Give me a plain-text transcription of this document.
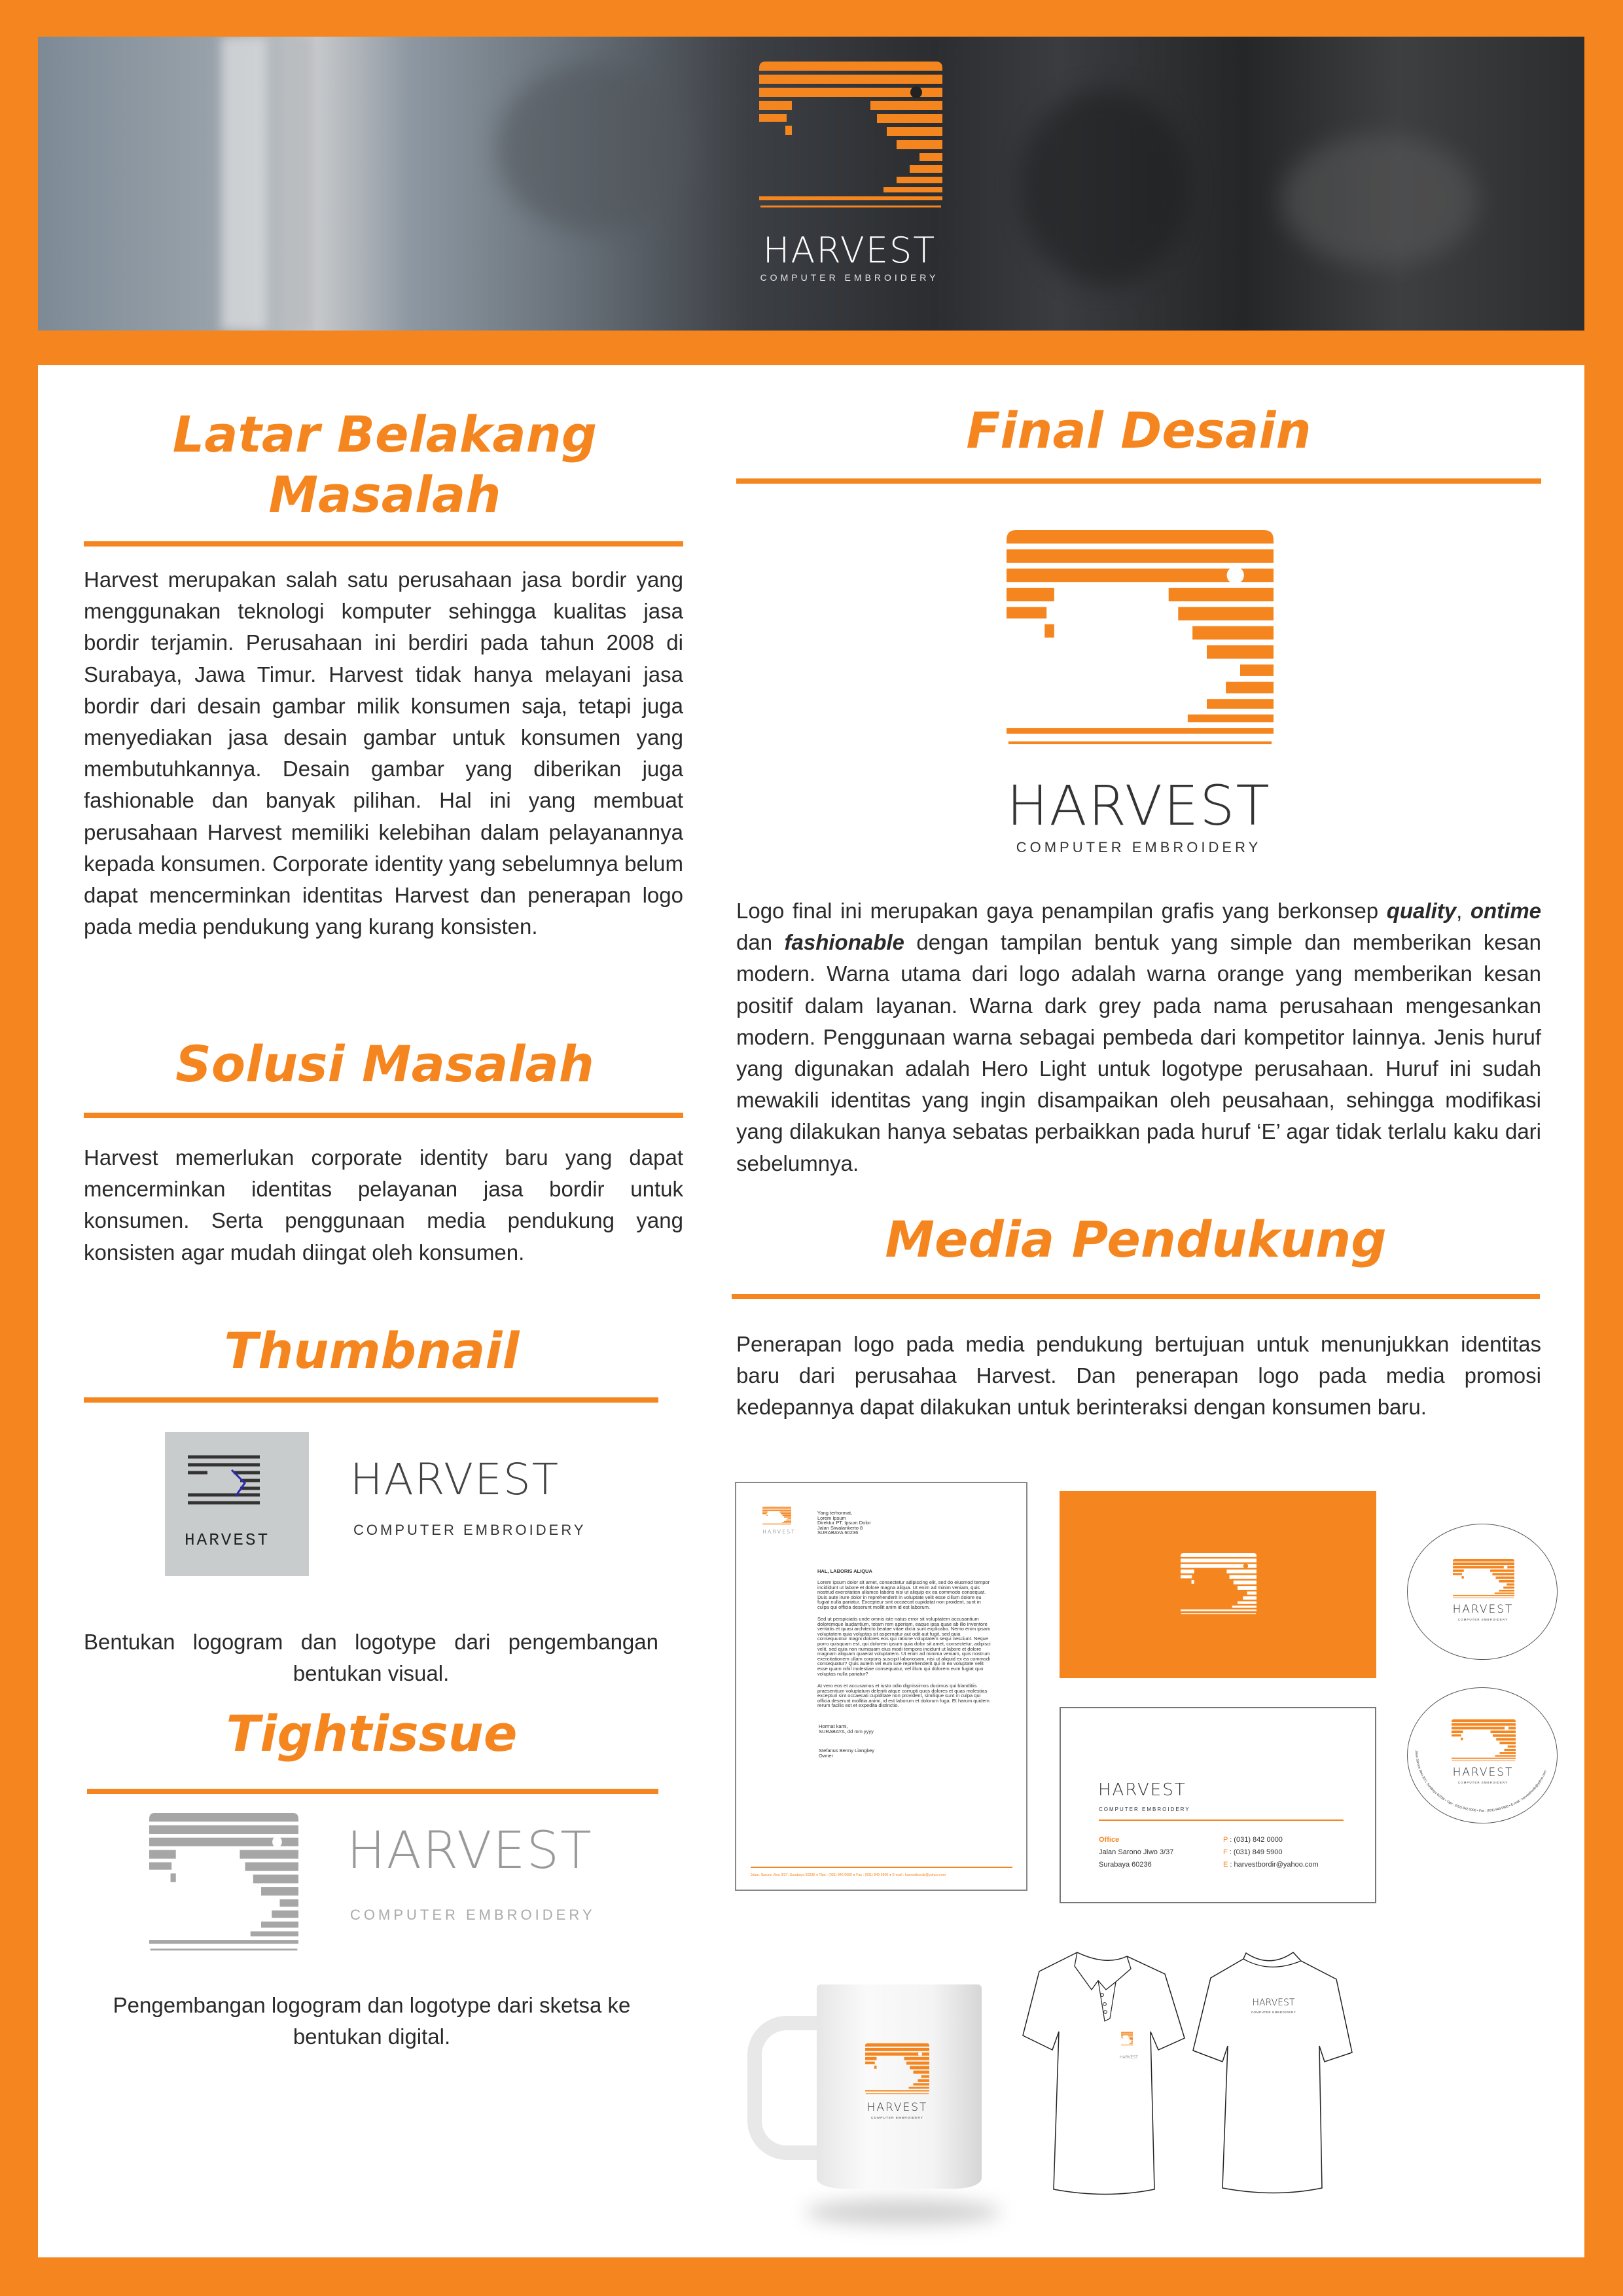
HARVEST
COMPUTER EMBROIDERY
Latar Belakang
Masalah
Harvest merupakan salah satu perusahaan jasa bordir yang menggunakan teknologi komputer sehingga kualitas jasa bordir terjamin. Perusahaan ini berdiri pada tahun 2008 di Surabaya, Jawa Timur. Harvest tidak hanya melayani jasa bordir dari desain gambar milik konsumen saja, tetapi juga menyediakan jasa desain gambar untuk konsumen yang membutuhkannya. Desain gambar yang diberikan juga fashionable dan banyak pilihan. Hal ini yang membuat perusahaan Harvest memiliki kelebihan dalam pelayanannya kepada konsumen. Corporate identity yang sebelumnya belum dapat mencerminkan identitas Harvest dan penerapan logo pada media pendukung yang kurang konsisten.
Solusi Masalah
Harvest memerlukan corporate identity baru yang dapat mencerminkan identitas pelayanan jasa bordir untuk konsumen. Serta penggunaan media pendukung yang konsisten agar mudah diingat oleh konsumen.
Thumbnail
HARVEST
HARVEST
COMPUTER EMBROIDERY
Bentukan logogram dan logotype dari pengembangan bentukan visual.
Tightissue
HARVEST
COMPUTER EMBROIDERY
Pengembangan logogram dan logotype dari sketsa ke bentukan digital.
Final Desain
HARVEST
COMPUTER EMBROIDERY
Logo final ini merupakan gaya penampilan grafis yang berkonsep quality, ontime dan fashionable dengan tampilan bentuk yang simple dan memberikan kesan modern. Warna utama dari logo adalah warna orange yang memberikan kesan positif dalam layanan. Warna dark grey pada nama perusahaan mengesankan modern. Penggunaan warna sebagai pembeda dari kompetitor lainnya. Jenis huruf yang digunakan adalah Hero Light untuk logotype perusahaan. Huruf ini sudah mewakili identitas yang ingin disampaikan oleh peusahaan, sehingga modifikasi yang dilakukan hanya sebatas perbaikkan pada huruf ‘E’ agar tidak terlalu kaku dari sebelumnya.
Media Pendukung
Penerapan logo pada media pendukung bertujuan untuk menunjukkan identitas baru dari perusahaa Harvest. Dan penerapan logo pada media promosi kedepannya dapat dilakukan untuk berinteraksi dengan konsumen baru.
HARVEST
Yang terhormat,
Lorem Ipsum
Direktur PT. Ipsum Dolor
Jalan Siwalankerto 8
SURABAYA 60236
HAL, LABORIS ALIQUA
Lorem ipsum dolor sit amet, consectetur adipiscing elit, sed do eiusmod tempor incididunt ut labore et dolore magna aliqua. Ut enim ad minim veniam, quis nostrud exercitation ullamco laboris nisi ut aliquip ex ea commodo consequat. Duis aute irure dolor in reprehenderit in voluptate velit esse cillum dolore eu fugiat nulla pariatur. Excepteur sint occaecat cupidatat non proident, sunt in culpa qui officia deserunt mollit anim id est laborum.
Sed ut perspiciatis unde omnis iste natus error sit voluptatem accusantium doloremque laudantium, totam rem aperiam, eaque ipsa quae ab illo inventore veritatis et quasi architecto beatae vitae dicta sunt explicabo. Nemo enim ipsam voluptatem quia voluptas sit aspernatur aut odit aut fugit, sed quia consequuntur magni dolores eos qui ratione voluptatem sequi nesciunt. Neque porro quisquam est, qui dolorem ipsum quia dolor sit amet, consectetur, adipisci velit, sed quia non numquam eius modi tempora incidunt ut labore et dolore magnam aliquam quaerat voluptatem. Ut enim ad minima veniam, quis nostrum exercitationem ullam corporis suscipit laboriosam, nisi ut aliquid ex ea commodi consequatur? Quis autem vel eum iure reprehenderit qui in ea voluptate velit esse quam nihil molestiae consequatur, vel illum qui dolorem eum fugiat quo voluptas nulla pariatur?
At vero eos et accusamus et iusto odio dignissimos ducimus qui blanditiis praesentium voluptatum deleniti atque corrupti quos dolores et quas molestias excepturi sint occaecati cupiditate non provident, similique sunt in culpa qui officia deserunt mollitia animi, id est laborum et dolorum fuga. Et harum quidem rerum facilis est et expedita distinctio.
Hormat kami,
SURABAYA, dd mm yyyy
Stefanus Benny Liangkey
Owner
Jalan. Sarono Jiwo 3/37, Surabaya 60236 ● Tlpn : (031) 842 0000 ● Fax : (031) 849 5900 ● E-mail : harvestbordir@yahoo.com
HARVEST
COMPUTER EMBROIDERY
Office
Jalan Sarono Jiwo 3/37
Surabaya 60236
P : (031) 842 0000
F : (031) 849 5900
E : harvestbordir@yahoo.com
HARVEST
COMPUTER EMBROIDERY
HARVEST
COMPUTER EMBROIDERY
Jalan Sarono Jiwo 3/37, Surabaya 60236 • Tlpn : (031) 842 0000 • Fax : (031) 849 5900 • E-mail : harvestbordir@yahoo.com
HARVEST
COMPUTER EMBROIDERY
HARVEST
HARVEST
COMPUTER EMBROIDERY
